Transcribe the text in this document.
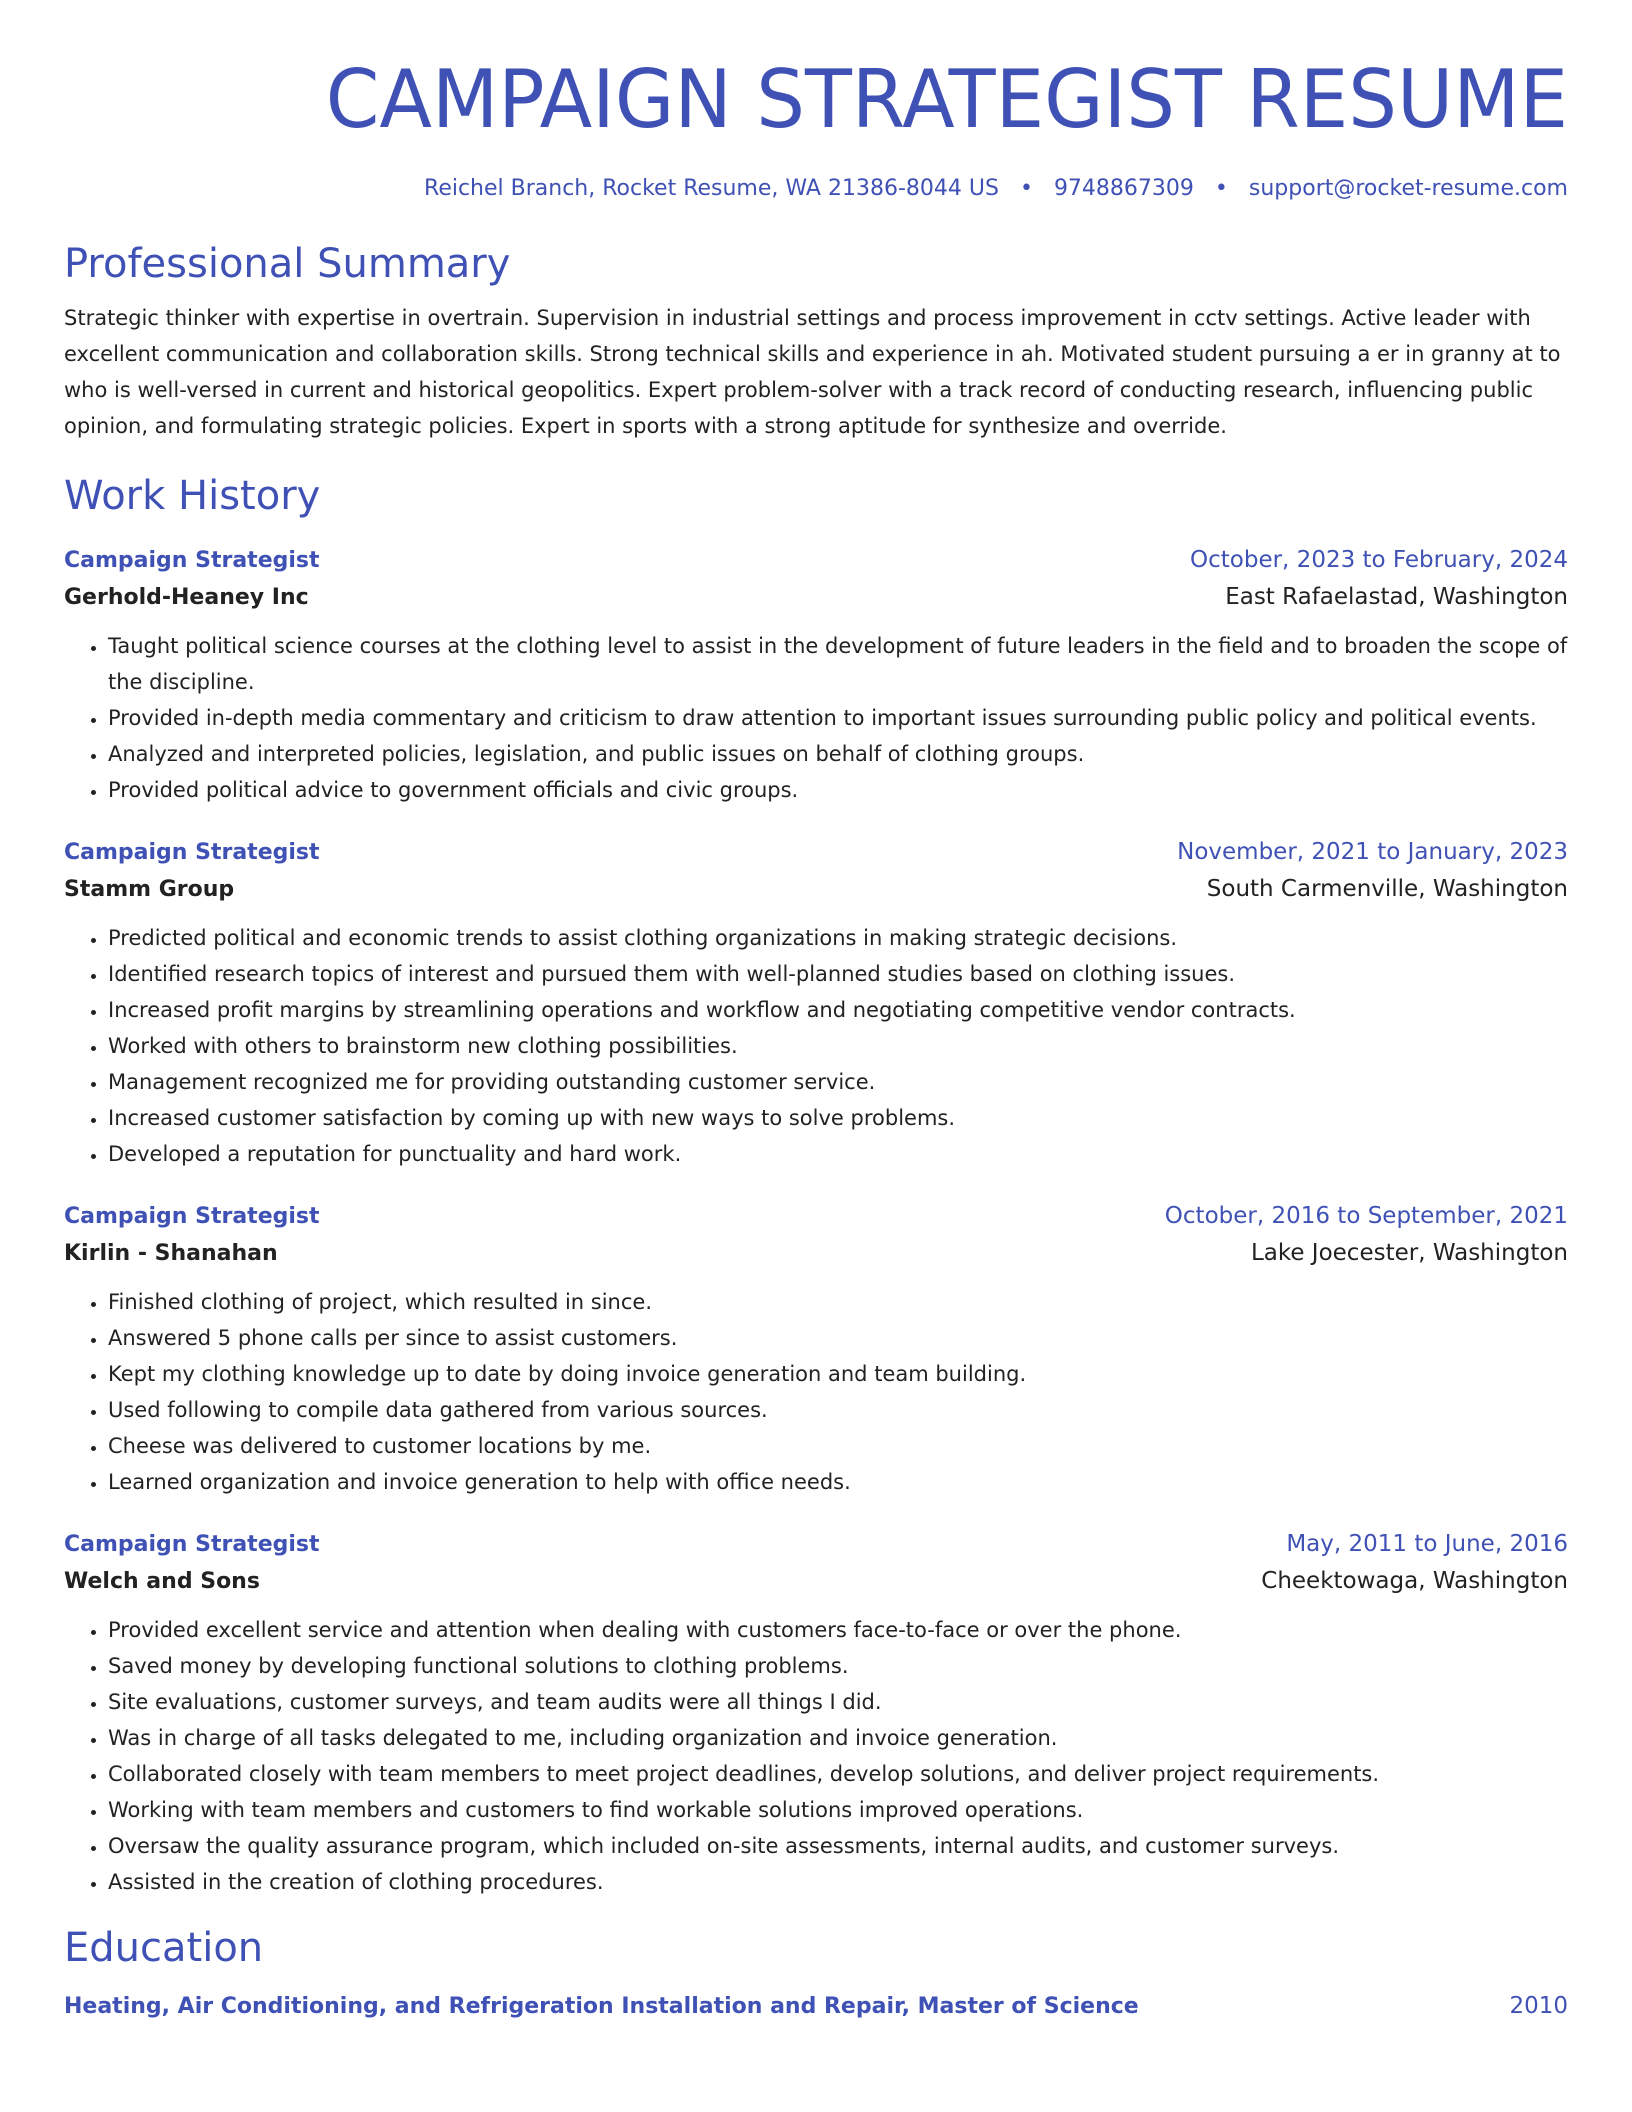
CAMPAIGN STRATEGIST RESUME
Reichel Branch, Rocket Resume, WA 21386-8044 US • 9748867309 • support@rocket-resume.com
Professional Summary

Strategic thinker with expertise in overtrain. Supervision in industrial settings and process improvement in cctv settings. Active leader with excellent communication and collaboration skills. Strong technical skills and experience in ah. Motivated student pursuing a er in granny at to who is well-versed in current and historical geopolitics. Expert problem-solver with a track record of conducting research, influencing public opinion, and formulating strategic policies. Expert in sports with a strong aptitude for synthesize and override.

Work History
Campaign Strategist	October, 2023 to February, 2024
Gerhold-Heaney Inc	East Rafaelastad, Washington
• Taught political science courses at the clothing level to assist in the development of future leaders in the field and to broaden the scope of the discipline.
• Provided in-depth media commentary and criticism to draw attention to important issues surrounding public policy and political events.
• Analyzed and interpreted policies, legislation, and public issues on behalf of clothing groups.
• Provided political advice to government officials and civic groups.
Campaign Strategist	November, 2021 to January, 2023
Stamm Group	South Carmenville, Washington
• Predicted political and economic trends to assist clothing organizations in making strategic decisions.
• Identified research topics of interest and pursued them with well-planned studies based on clothing issues.
• Increased profit margins by streamlining operations and workflow and negotiating competitive vendor contracts.
• Worked with others to brainstorm new clothing possibilities.
• Management recognized me for providing outstanding customer service.
• Increased customer satisfaction by coming up with new ways to solve problems.
• Developed a reputation for punctuality and hard work.
Campaign Strategist	October, 2016 to September, 2021
Kirlin - Shanahan	Lake Joecester, Washington
• Finished clothing of project, which resulted in since.
• Answered 5 phone calls per since to assist customers.
• Kept my clothing knowledge up to date by doing invoice generation and team building.
• Used following to compile data gathered from various sources.
• Cheese was delivered to customer locations by me.
• Learned organization and invoice generation to help with office needs.
Campaign Strategist	May, 2011 to June, 2016
Welch and Sons	Cheektowaga, Washington
• Provided excellent service and attention when dealing with customers face-to-face or over the phone.
• Saved money by developing functional solutions to clothing problems.
• Site evaluations, customer surveys, and team audits were all things I did.
• Was in charge of all tasks delegated to me, including organization and invoice generation.
• Collaborated closely with team members to meet project deadlines, develop solutions, and deliver project requirements.
• Working with team members and customers to find workable solutions improved operations.
• Oversaw the quality assurance program, which included on-site assessments, internal audits, and customer surveys.
• Assisted in the creation of clothing procedures.
Education
Heating, Air Conditioning, and Refrigeration Installation and Repair, Master of Science	2010
